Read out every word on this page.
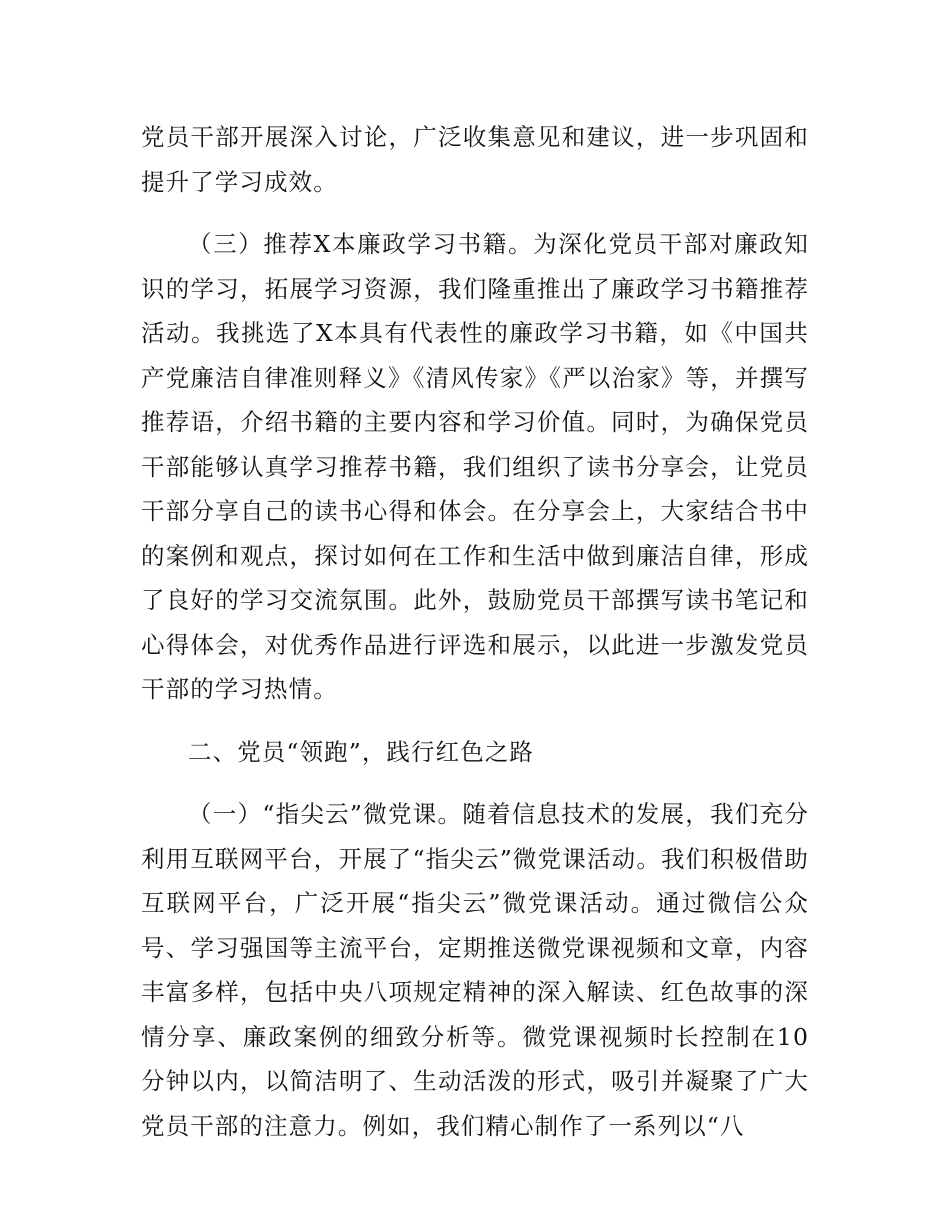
党员干部开展深入讨论，广泛收集意见和建议，进一步巩固和提升了学习成效。

（三）推荐X本廉政学习书籍。为深化党员干部对廉政知识的学习，拓展学习资源，我们隆重推出了廉政学习书籍推荐活动。我挑选了X本具有代表性的廉政学习书籍，如《中国共产党廉洁自律准则释义》《清风传家》《严以治家》等，并撰写推荐语，介绍书籍的主要内容和学习价值。同时，为确保党员干部能够认真学习推荐书籍，我们组织了读书分享会，让党员干部分享自己的读书心得和体会。在分享会上，大家结合书中的案例和观点，探讨如何在工作和生活中做到廉洁自律，形成了良好的学习交流氛围。此外，鼓励党员干部撰写读书笔记和心得体会，对优秀作品进行评选和展示，以此进一步激发党员干部的学习热情。

二、党员“领跑”，践行红色之路

（一）“指尖云”微党课。随着信息技术的发展，我们充分利用互联网平台，开展了“指尖云”微党课活动。我们积极借助互联网平台，广泛开展“指尖云”微党课活动。通过微信公众号、学习强国等主流平台，定期推送微党课视频和文章，内容丰富多样，包括中央八项规定精神的深入解读、红色故事的深情分享、廉政案例的细致分析等。微党课视频时长控制在10分钟以内，以简洁明了、生动活泼的形式，吸引并凝聚了广大党员干部的注意力。例如，我们精心制作了一系列以“八
